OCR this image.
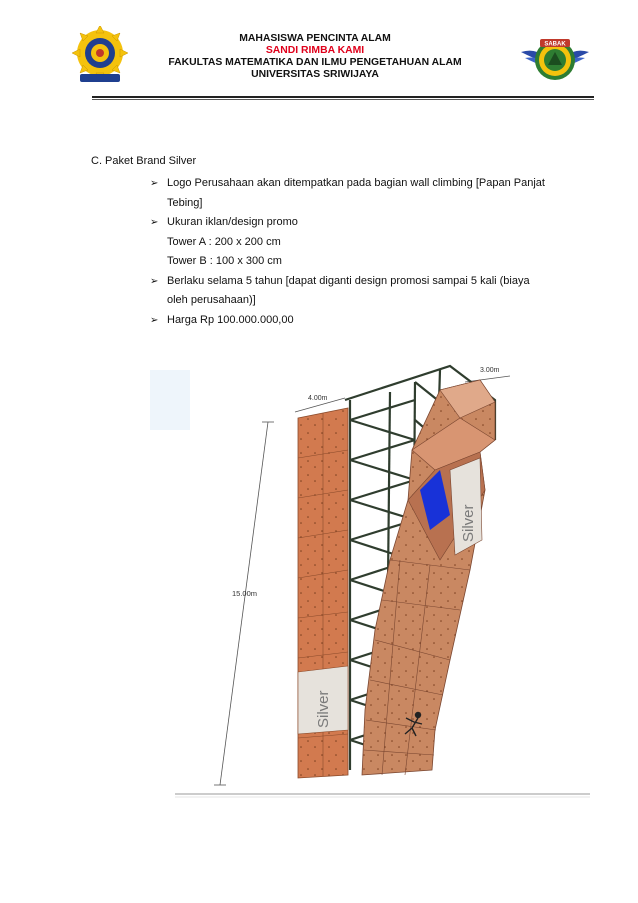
MAHASISWA PENCINTA ALAM
SANDI RIMBA KAMI
FAKULTAS MATEMATIKA DAN ILMU PENGETAHUAN ALAM
UNIVERSITAS SRIWIJAYA
SABAK
C. Paket Brand Silver
➢ Logo Perusahaan akan ditempatkan pada bagian wall climbing [Papan Panjat
Tebing]
➢ Ukuran iklan/design promo
Tower A : 200 x 200 cm
Tower B : 100 x 300 cm
➢ Berlaku selama 5 tahun [dapat diganti design promosi sampai 5 kali (biaya
oleh perusahaan)]
➢ Harga Rp 100.000.000,00
15.00m
4.00m
3.00m
Silver
Silver
